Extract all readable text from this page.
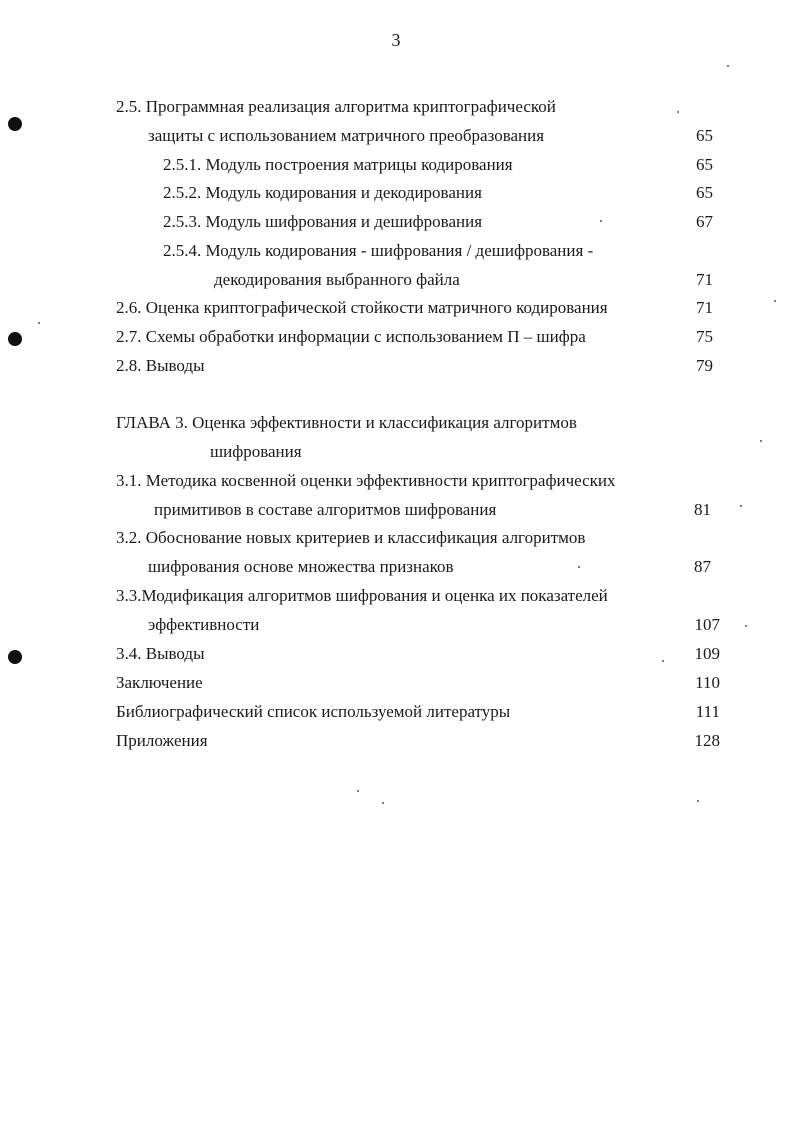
3
2.5. Программная реализация алгоритма криптографической
защиты с использованием матричного преобразования	65
2.5.1. Модуль построения матрицы кодирования	65
2.5.2. Модуль кодирования и декодирования	65
2.5.3. Модуль шифрования и дешифрования	67
2.5.4. Модуль кодирования - шифрования / дешифрования -
декодирования выбранного файла	71
2.6. Оценка криптографической стойкости матричного кодирования	71
2.7. Схемы обработки информации с использованием П – шифра	75
2.8. Выводы	79
ГЛАВА 3. Оценка эффективности и классификация алгоритмов
шифрования
3.1. Методика косвенной оценки эффективности криптографических
примитивов в составе алгоритмов шифрования	81
3.2. Обоснование новых критериев и классификация алгоритмов
шифрования основе множества признаков	87
3.3.Модификация алгоритмов шифрования и оценка их показателей
эффективности	107
3.4. Выводы	109
Заключение	110
Библиографический список используемой литературы	111
Приложения	128
